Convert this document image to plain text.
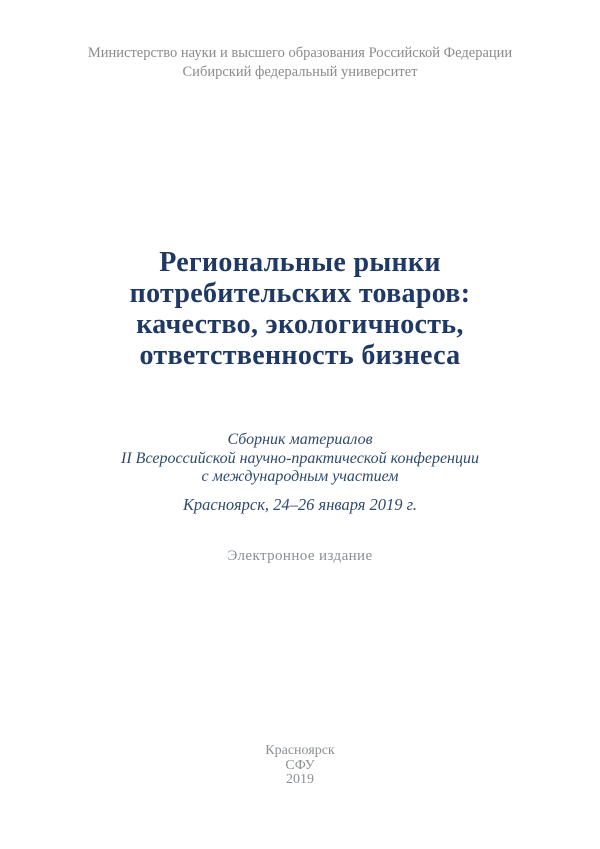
Министерство науки и высшего образования Российской Федерации
Сибирский федеральный университет
Региональные рынки
потребительских товаров:
качество, экологичность,
ответственность бизнеса
Сборник материалов
II Всероссийской научно-практической конференции
с международным участием
Красноярск, 24–26 января 2019 г.
Электронное издание
Красноярск
СФУ
2019
